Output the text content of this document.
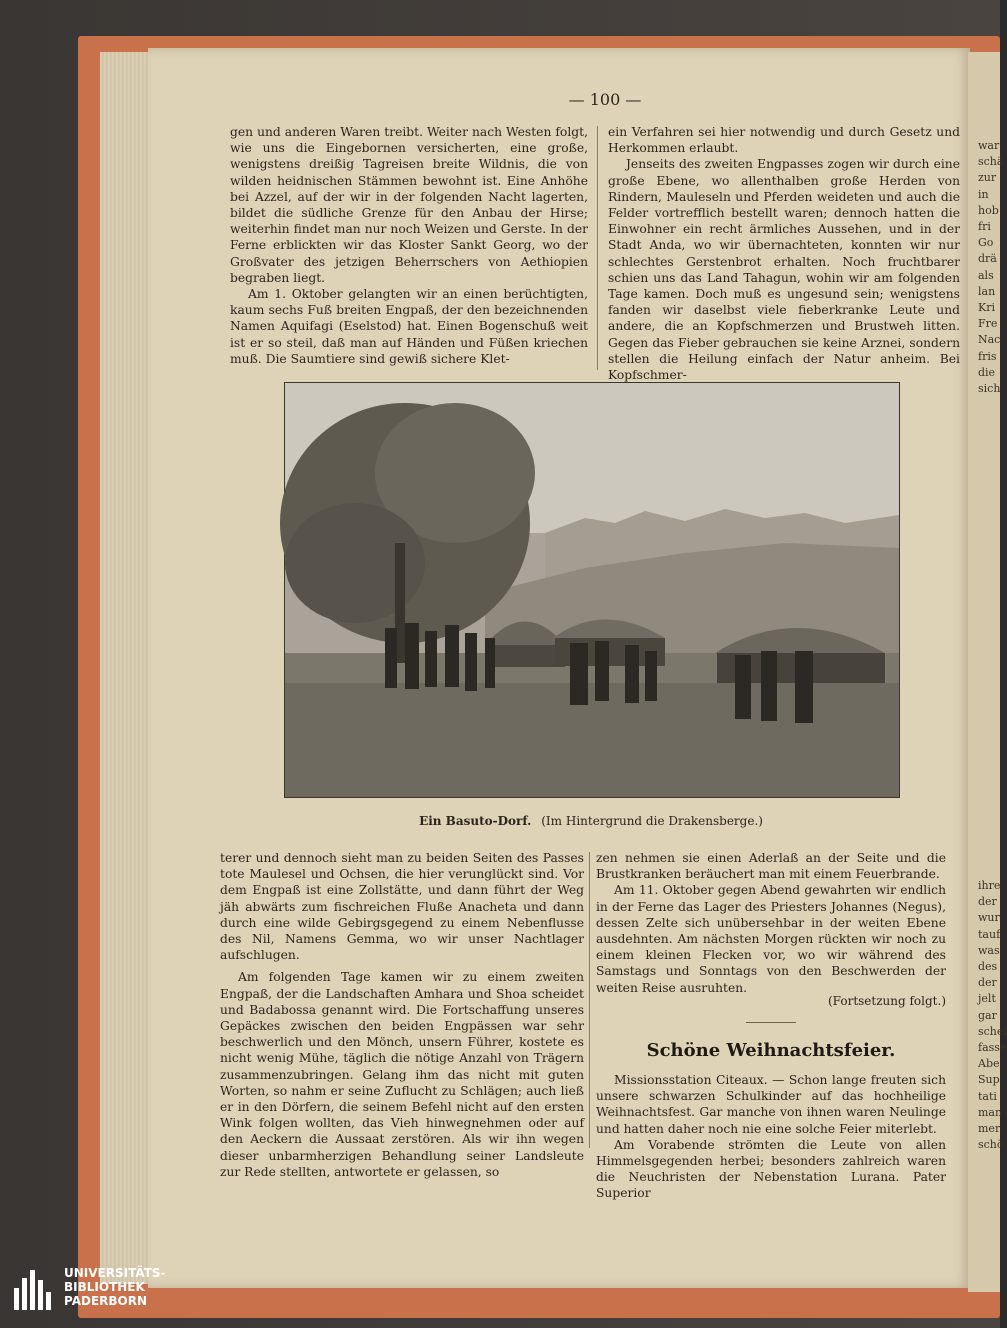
war
schä
zur
in
hob
fri
Go
drä
als
lan
Kri
Fre
Nac
fris
die
sich
ihre
der
wur
tauf
was
des
der
jelt
gar
schei
fasse
Abe
Sup
tati
man
mer
schö
— 100 —

gen und anderen Waren treibt. Weiter nach Westen folgt, wie uns die Eingebornen versicherten, eine große, wenigstens dreißig Tagreisen breite Wildnis, die von wilden heidnischen Stämmen bewohnt ist. Eine Anhöhe bei Azzel, auf der wir in der folgenden Nacht lagerten, bildet die südliche Grenze für den Anbau der Hirse; weiterhin findet man nur noch Weizen und Gerste. In der Ferne erblickten wir das Kloster Sankt Georg, wo der Großvater des jetzigen Beherrschers von Aethiopien begraben liegt.

Am 1. Oktober gelangten wir an einen berüchtigten, kaum sechs Fuß breiten Engpaß, der den bezeichnenden Namen Aquifagi (Eselstod) hat. Einen Bogenschuß weit ist er so steil, daß man auf Händen und Füßen kriechen muß. Die Saumtiere sind gewiß sichere Klet-

ein Verfahren sei hier notwendig und durch Gesetz und Herkommen erlaubt.

Jenseits des zweiten Engpasses zogen wir durch eine große Ebene, wo allenthalben große Herden von Rindern, Mauleseln und Pferden weideten und auch die Felder vortrefflich bestellt waren; dennoch hatten die Einwohner ein recht ärmliches Aussehen, und in der Stadt Anda, wo wir übernachteten, konnten wir nur schlechtes Gerstenbrot erhalten. Noch fruchtbarer schien uns das Land Tahagun, wohin wir am folgenden Tage kamen. Doch muß es ungesund sein; wenigstens fanden wir daselbst viele fieberkranke Leute und andere, die an Kopfschmerzen und Brustweh litten. Gegen das Fieber gebrauchen sie keine Arznei, sondern stellen die Heilung einfach der Natur anheim. Bei Kopfschmer-

Ein Basuto-Dorf. (Im Hintergrund die Drakensberge.)

terer und dennoch sieht man zu beiden Seiten des Passes tote Maulesel und Ochsen, die hier verunglückt sind. Vor dem Engpaß ist eine Zollstätte, und dann führt der Weg jäh abwärts zum fischreichen Fluße Anacheta und dann durch eine wilde Gebirgsgegend zu einem Nebenflusse des Nil, Namens Gemma, wo wir unser Nachtlager aufschlugen.

Am folgenden Tage kamen wir zu einem zweiten Engpaß, der die Landschaften Amhara und Shoa scheidet und Badabossa genannt wird. Die Fortschaffung unseres Gepäckes zwischen den beiden Engpässen war sehr beschwerlich und den Mönch, unsern Führer, kostete es nicht wenig Mühe, täglich die nötige Anzahl von Trägern zusammenzubringen. Gelang ihm das nicht mit guten Worten, so nahm er seine Zuflucht zu Schlägen; auch ließ er in den Dörfern, die seinem Befehl nicht auf den ersten Wink folgen wollten, das Vieh hinwegnehmen oder auf den Aeckern die Aussaat zerstören. Als wir ihn wegen dieser unbarmherzigen Behandlung seiner Landsleute zur Rede stellten, antwortete er gelassen, so

zen nehmen sie einen Aderlaß an der Seite und die Brustkranken beräuchert man mit einem Feuerbrande.

Am 11. Oktober gegen Abend gewahrten wir endlich in der Ferne das Lager des Priesters Johannes (Negus), dessen Zelte sich unübersehbar in der weiten Ebene ausdehnten. Am nächsten Morgen rückten wir noch zu einem kleinen Flecken vor, wo wir während des Samstags und Sonntags von den Beschwerden der weiten Reise ausruhten.

(Fortsetzung folgt.)
Schöne Weihnachtsfeier.

Missionsstation Citeaux. — Schon lange freuten sich unsere schwarzen Schulkinder auf das hochheilige Weihnachtsfest. Gar manche von ihnen waren Neulinge und hatten daher noch nie eine solche Feier miterlebt.

Am Vorabende strömten die Leute von allen Himmelsgegenden herbei; besonders zahlreich waren die Neuchristen der Nebenstation Lurana. Pater Superior

UNIVERSITÄTS-
BIBLIOTHEK
PADERBORN
